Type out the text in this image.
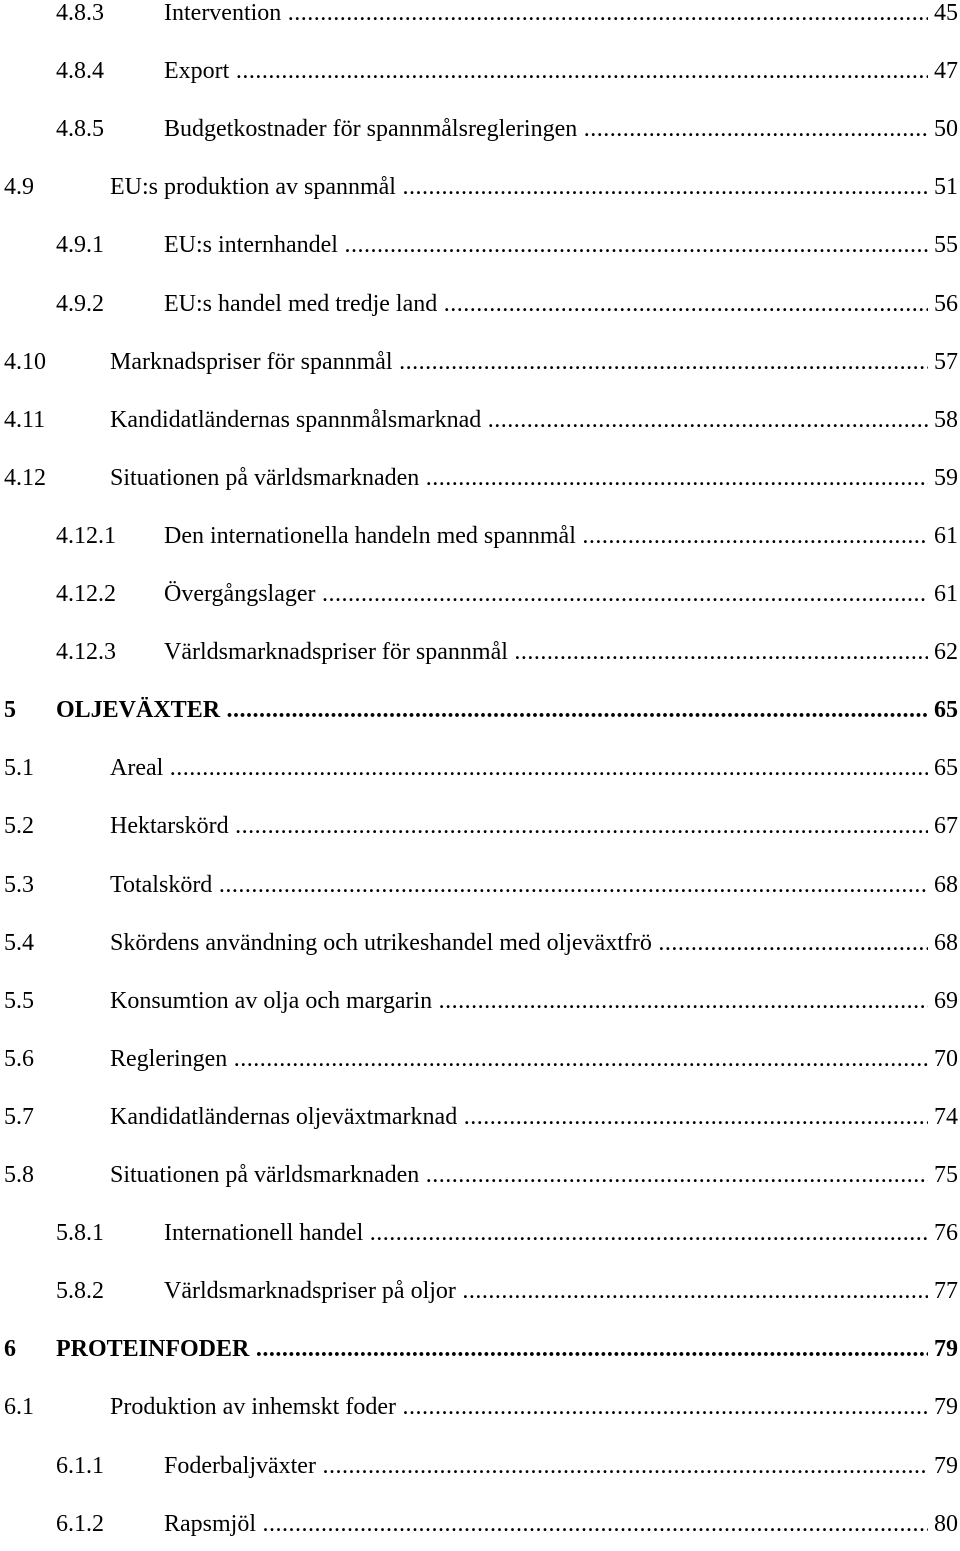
4.8.3	Intervention .....	45
4.8.4	Export .....	47
4.8.5	Budgetkostnader för spannmålsregleringen .....	50
4.9	EU:s produktion av spannmål .....	51
4.9.1	EU:s internhandel .....	55
4.9.2	EU:s handel med tredje land .....	56
4.10	Marknadspriser för spannmål .....	57
4.11	Kandidatländernas spannmålsmarknad .....	58
4.12	Situationen på världsmarknaden .....	59
4.12.1 Den internationella handeln med spannmål .....	61
4.12.2 Övergångslager .....	61
4.12.3 Världsmarknadspriser för spannmål .....	62
5 OLJEVÄXTER .....	65
5.1	Areal .....	65
5.2	Hektarskörd .....	67
5.3	Totalskörd .....	68
5.4	Skördens användning och utrikeshandel med oljeväxtfrö .....	68
5.5	Konsumtion av olja och margarin .....	69
5.6	Regleringen .....	70
5.7	Kandidatländernas oljeväxtmarknad .....	74
5.8	Situationen på världsmarknaden .....	75
5.8.1	Internationell handel .....	76
5.8.2	Världsmarknadspriser på oljor .....	77
6 PROTEINFODER .....	79
6.1	Produktion av inhemskt foder .....	79
6.1.1	Foderbaljväxter .....	79
6.1.2	Rapsmjöl .....	80
